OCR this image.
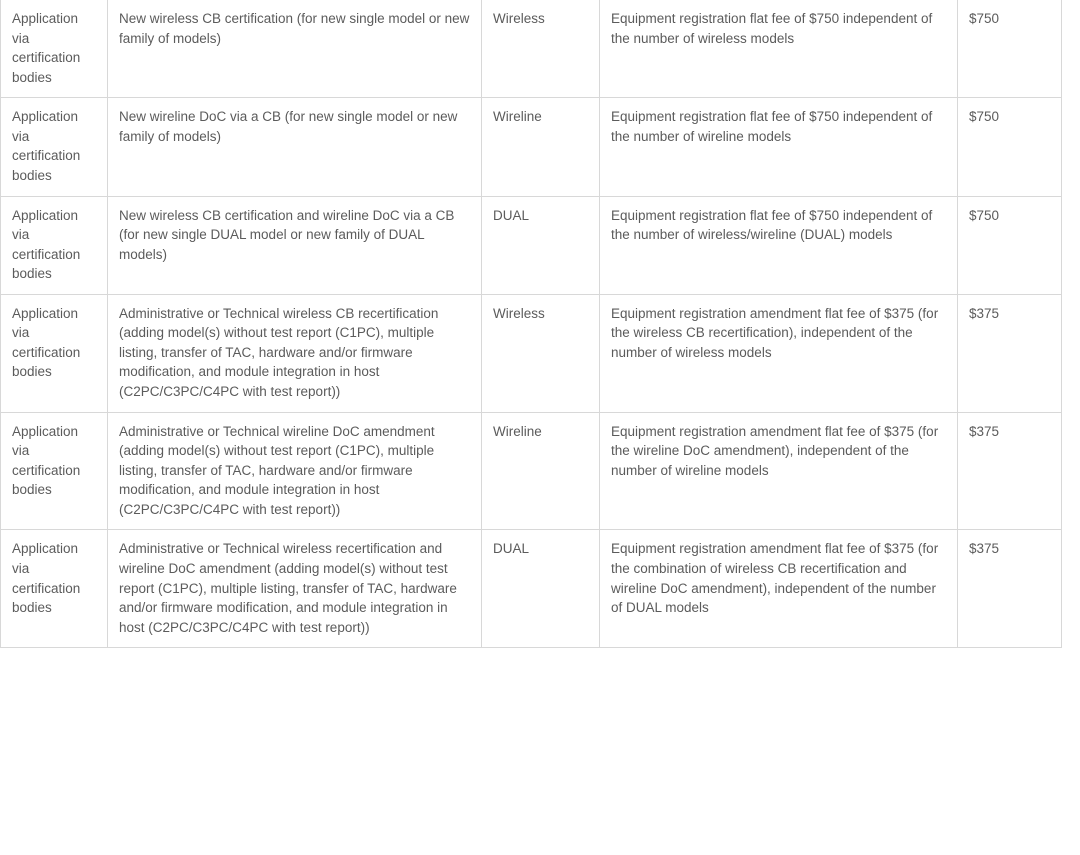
Application via certification bodies	New wireless CB certification (for new single model or new family of models)	Wireless	Equipment registration flat fee of $750 independent of the number of wireless models	$750
Application via certification bodies	New wireline DoC via a CB (for new single model or new family of models)	Wireline	Equipment registration flat fee of $750 independent of the number of wireline models	$750
Application via certification bodies	New wireless CB certification and wireline DoC via a CB (for new single DUAL model or new family of DUAL models)	DUAL	Equipment registration flat fee of $750 independent of the number of wireless/wireline (DUAL) models	$750
Application via certification bodies	Administrative or Technical wireless CB recertification (adding model(s) without test report (C1PC), multiple listing, transfer of TAC, hardware and/or firmware modification, and module integration in host (C2PC/C3PC/C4PC with test report))	Wireless	Equipment registration amendment flat fee of $375 (for the wireless CB recertification), independent of the number of wireless models	$375
Application via certification bodies	Administrative or Technical wireline DoC amendment (adding model(s) without test report (C1PC), multiple listing, transfer of TAC, hardware and/or firmware modification, and module integration in host (C2PC/C3PC/C4PC with test report))	Wireline	Equipment registration amendment flat fee of $375 (for the wireline DoC amendment), independent of the number of wireline models	$375
Application via certification bodies	Administrative or Technical wireless recertification and wireline DoC amendment (adding model(s) without test report (C1PC), multiple listing, transfer of TAC, hardware and/or firmware modification, and module integration in host (C2PC/C3PC/C4PC with test report))	DUAL	Equipment registration amendment flat fee of $375 (for the combination of wireless CB recertification and wireline DoC amendment), independent of the number of DUAL models	$375
